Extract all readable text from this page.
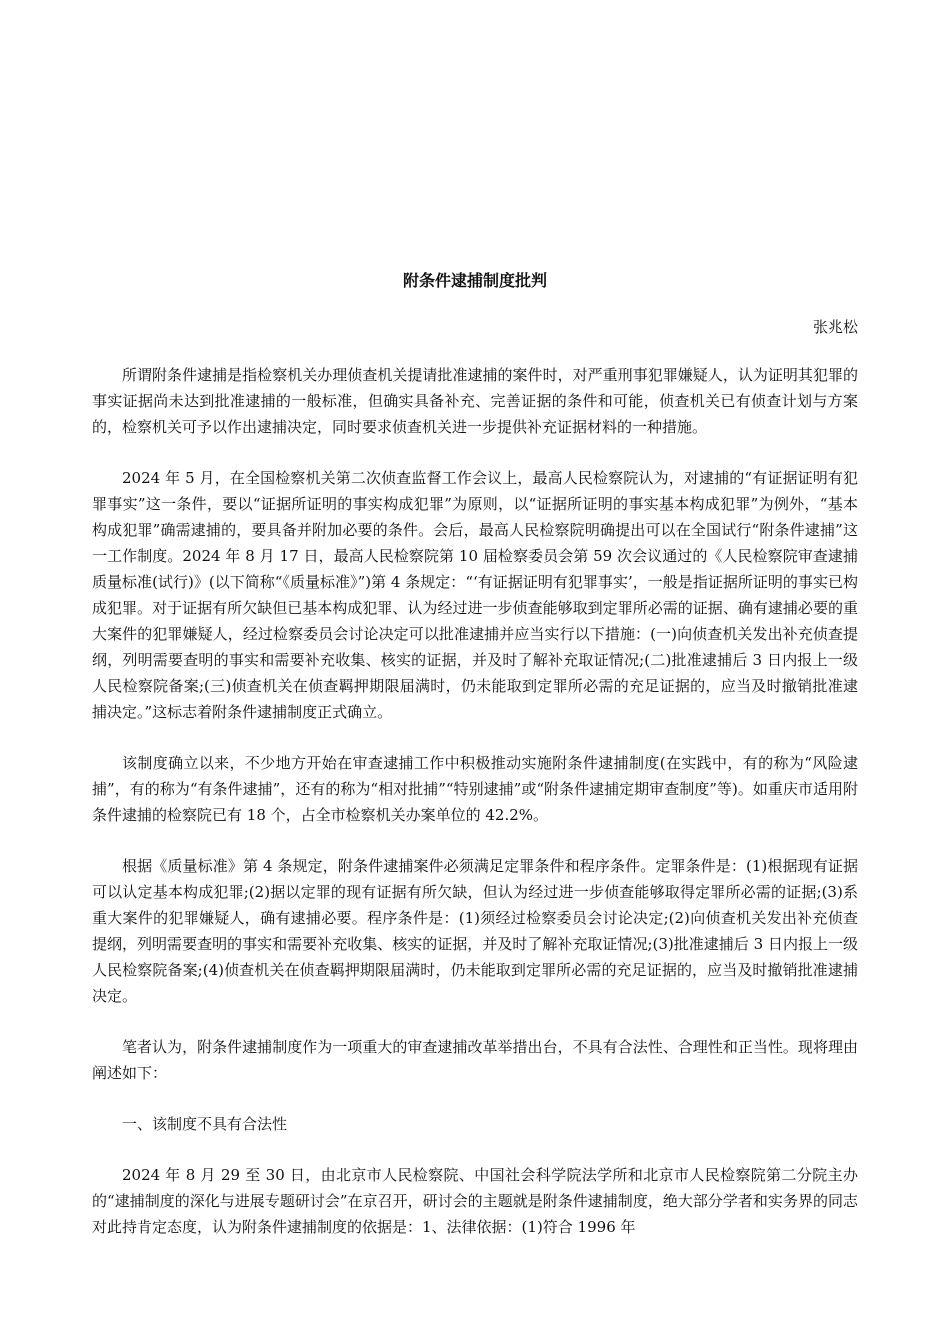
附条件逮捕制度批判

张兆松

所谓附条件逮捕是指检察机关办理侦查机关提请批准逮捕的案件时，对严重刑事犯罪嫌疑人，认为证明其犯罪的事实证据尚未达到批准逮捕的一般标准，但确实具备补充、完善证据的条件和可能，侦查机关已有侦查计划与方案的，检察机关可予以作出逮捕决定，同时要求侦查机关进一步提供补充证据材料的一种措施。

2024 年 5 月，在全国检察机关第二次侦查监督工作会议上，最高人民检察院认为，对逮捕的“有证据证明有犯罪事实”这一条件，要以“证据所证明的事实构成犯罪”为原则，以“证据所证明的事实基本构成犯罪”为例外，“基本构成犯罪”确需逮捕的，要具备并附加必要的条件。会后，最高人民检察院明确提出可以在全国试行“附条件逮捕”这一工作制度。2024 年 8 月 17 日，最高人民检察院第 10 届检察委员会第 59 次会议通过的《人民检察院审查逮捕质量标准(试行)》(以下简称“《质量标准》”)第 4 条规定：“‘有证据证明有犯罪事实’，一般是指证据所证明的事实已构成犯罪。对于证据有所欠缺但已基本构成犯罪、认为经过进一步侦查能够取到定罪所必需的证据、确有逮捕必要的重大案件的犯罪嫌疑人，经过检察委员会讨论决定可以批准逮捕并应当实行以下措施：(一)向侦查机关发出补充侦查提纲，列明需要查明的事实和需要补充收集、核实的证据，并及时了解补充取证情况;(二)批准逮捕后 3 日内报上一级人民检察院备案;(三)侦查机关在侦查羁押期限届满时，仍未能取到定罪所必需的充足证据的，应当及时撤销批准逮捕决定。”这标志着附条件逮捕制度正式确立。

该制度确立以来，不少地方开始在审查逮捕工作中积极推动实施附条件逮捕制度(在实践中，有的称为“风险逮捕”，有的称为“有条件逮捕”，还有的称为“相对批捕”“特别逮捕”或“附条件逮捕定期审查制度”等)。如重庆市适用附条件逮捕的检察院已有 18 个，占全市检察机关办案单位的 42.2%。

根据《质量标准》第 4 条规定，附条件逮捕案件必须满足定罪条件和程序条件。定罪条件是：(1)根据现有证据可以认定基本构成犯罪;(2)据以定罪的现有证据有所欠缺，但认为经过进一步侦查能够取得定罪所必需的证据;(3)系重大案件的犯罪嫌疑人，确有逮捕必要。程序条件是：(1)须经过检察委员会讨论决定;(2)向侦查机关发出补充侦查提纲，列明需要查明的事实和需要补充收集、核实的证据，并及时了解补充取证情况;(3)批准逮捕后 3 日内报上一级人民检察院备案;(4)侦查机关在侦查羁押期限届满时，仍未能取到定罪所必需的充足证据的，应当及时撤销批准逮捕决定。

笔者认为，附条件逮捕制度作为一项重大的审查逮捕改革举措出台，不具有合法性、合理性和正当性。现将理由阐述如下：

一、该制度不具有合法性

2024 年 8 月 29 至 30 日，由北京市人民检察院、中国社会科学院法学所和北京市人民检察院第二分院主办的“逮捕制度的深化与进展专题研讨会”在京召开，研讨会的主题就是附条件逮捕制度，绝大部分学者和实务界的同志对此持肯定态度，认为附条件逮捕制度的依据是：1、法律依据：(1)符合 1996 年
